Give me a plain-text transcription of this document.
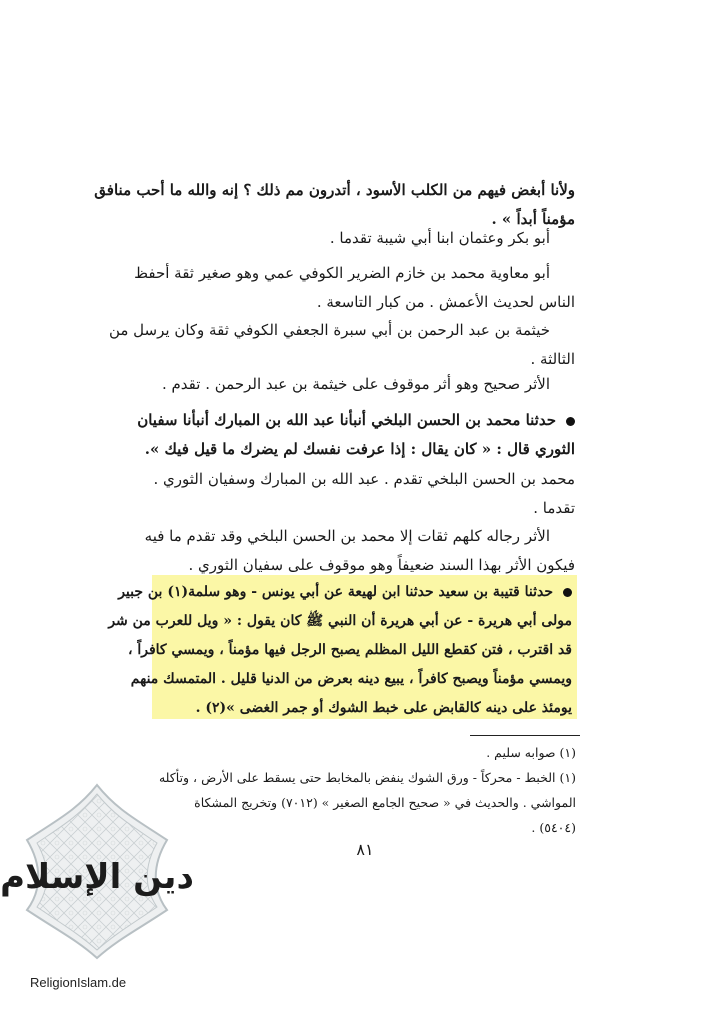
ولأنا أبغض فيهم من الكلب الأسود ، أتدرون مم ذلك ؟ إنه والله ما أحب منافق
مؤمناً أبداً » .
أبو بكر وعثمان ابنا أبي شيبة تقدما .
أبو معاوية محمد بن خازم الضرير الكوفي عمي وهو صغير ثقة أحفظ
الناس لحديث الأعمش . من كبار التاسعة .
خيثمة بن عبد الرحمن بن أبي سبرة الجعفي الكوفي ثقة وكان يرسل من
الثالثة .
الأثر صحيح وهو أثر موقوف على خيثمة بن عبد الرحمن . تقدم .
حدثنا محمد بن الحسن البلخي أنبأنا عبد الله بن المبارك أنبأنا سفيان
الثوري قال : « كان يقال : إذا عرفت نفسك لم يضرك ما قيل فيك ».
محمد بن الحسن البلخي تقدم . عبد الله بن المبارك وسفيان الثوري .
تقدما .
الأثر رجاله كلهم ثقات إلا محمد بن الحسن البلخي وقد تقدم ما فيه
فيكون الأثر بهذا السند ضعيفاً وهو موقوف على سفيان الثوري .
حدثنا قتيبة بن سعيد حدثنا ابن لهيعة عن أبي يونس - وهو سلمة(١) بن جبير
مولى أبي هريرة - عن أبي هريرة أن النبي ﷺ كان يقول : « ويل للعرب من شر
قد اقترب ، فتن كقطع الليل المظلم يصبح الرجل فيها مؤمناً ، ويمسي كافراً ،
ويمسي مؤمناً ويصبح كافراً ، يبيع دينه بعرض من الدنيا قليل . المتمسك منهم
يومئذ على دينه كالقابض على خبط الشوك أو جمر الغضى »(٢) .
(١) صوابه سليم .
(١) الخبط - محركاً - ورق الشوك ينفض بالمخابط حتى يسقط على الأرض ، وتأكله
المواشي . والحديث في « صحيح الجامع الصغير » (٧٠١٢) وتخريج المشكاة
(٥٤٠٤) .
٨١
دين الإسلام
ReligionIslam.de
